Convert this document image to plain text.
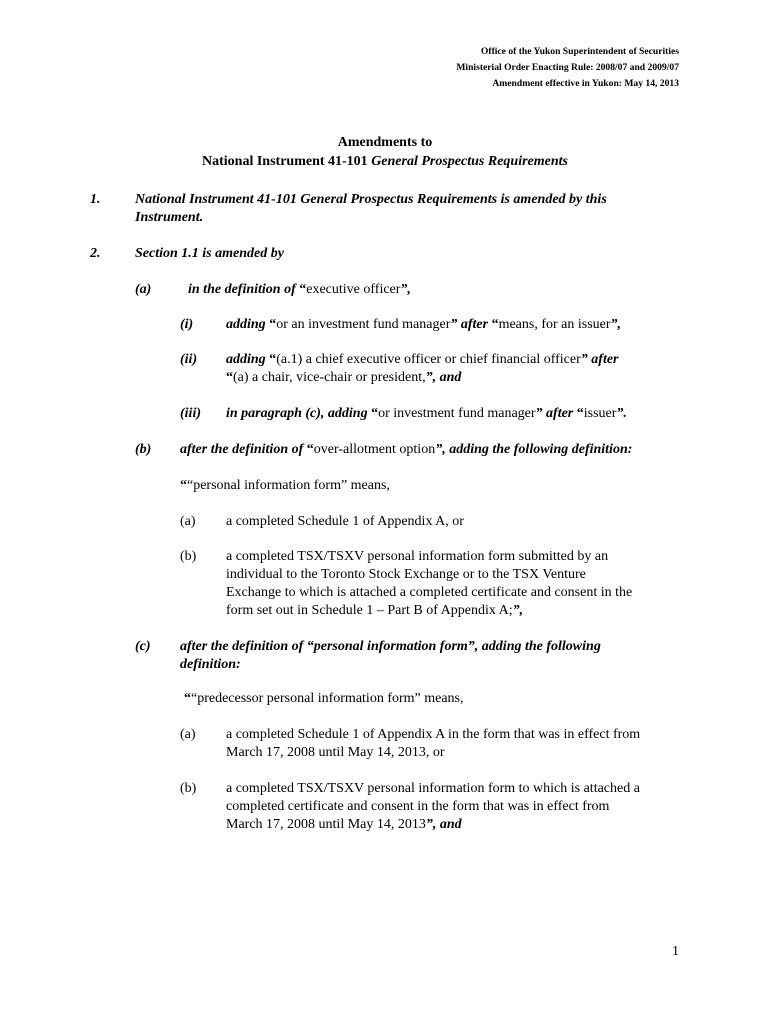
Office of the Yukon Superintendent of Securities
Ministerial Order Enacting Rule: 2008/07 and 2009/07
Amendment effective in Yukon: May 14, 2013
Amendments to
National Instrument 41-101 General Prospectus Requirements
1. National Instrument 41-101 General Prospectus Requirements is amended by this
Instrument.
2. Section 1.1 is amended by
(a)	in the definition of “executive officer”,
(i) adding “or an investment fund manager” after “means, for an issuer”,
(ii) adding “(a.1) a chief executive officer or chief financial officer” after
“(a) a chair, vice-chair or president,”, and
(iii) in paragraph (c), adding “or investment fund manager” after “issuer”.
(b) after the definition of “over-allotment option”, adding the following definition:
““personal information form” means,
(a) a completed Schedule 1 of Appendix A, or
(b) a completed TSX/TSXV personal information form submitted by an
individual to the Toronto Stock Exchange or to the TSX Venture
Exchange to which is attached a completed certificate and consent in the
form set out in Schedule 1 – Part B of Appendix A;”,
(c) after the definition of “personal information form”, adding the following
definition:
““predecessor personal information form” means,
(a) a completed Schedule 1 of Appendix A in the form that was in effect from
March 17, 2008 until May 14, 2013, or
(b) a completed TSX/TSXV personal information form to which is attached a
completed certificate and consent in the form that was in effect from
March 17, 2008 until May 14, 2013”, and
1
